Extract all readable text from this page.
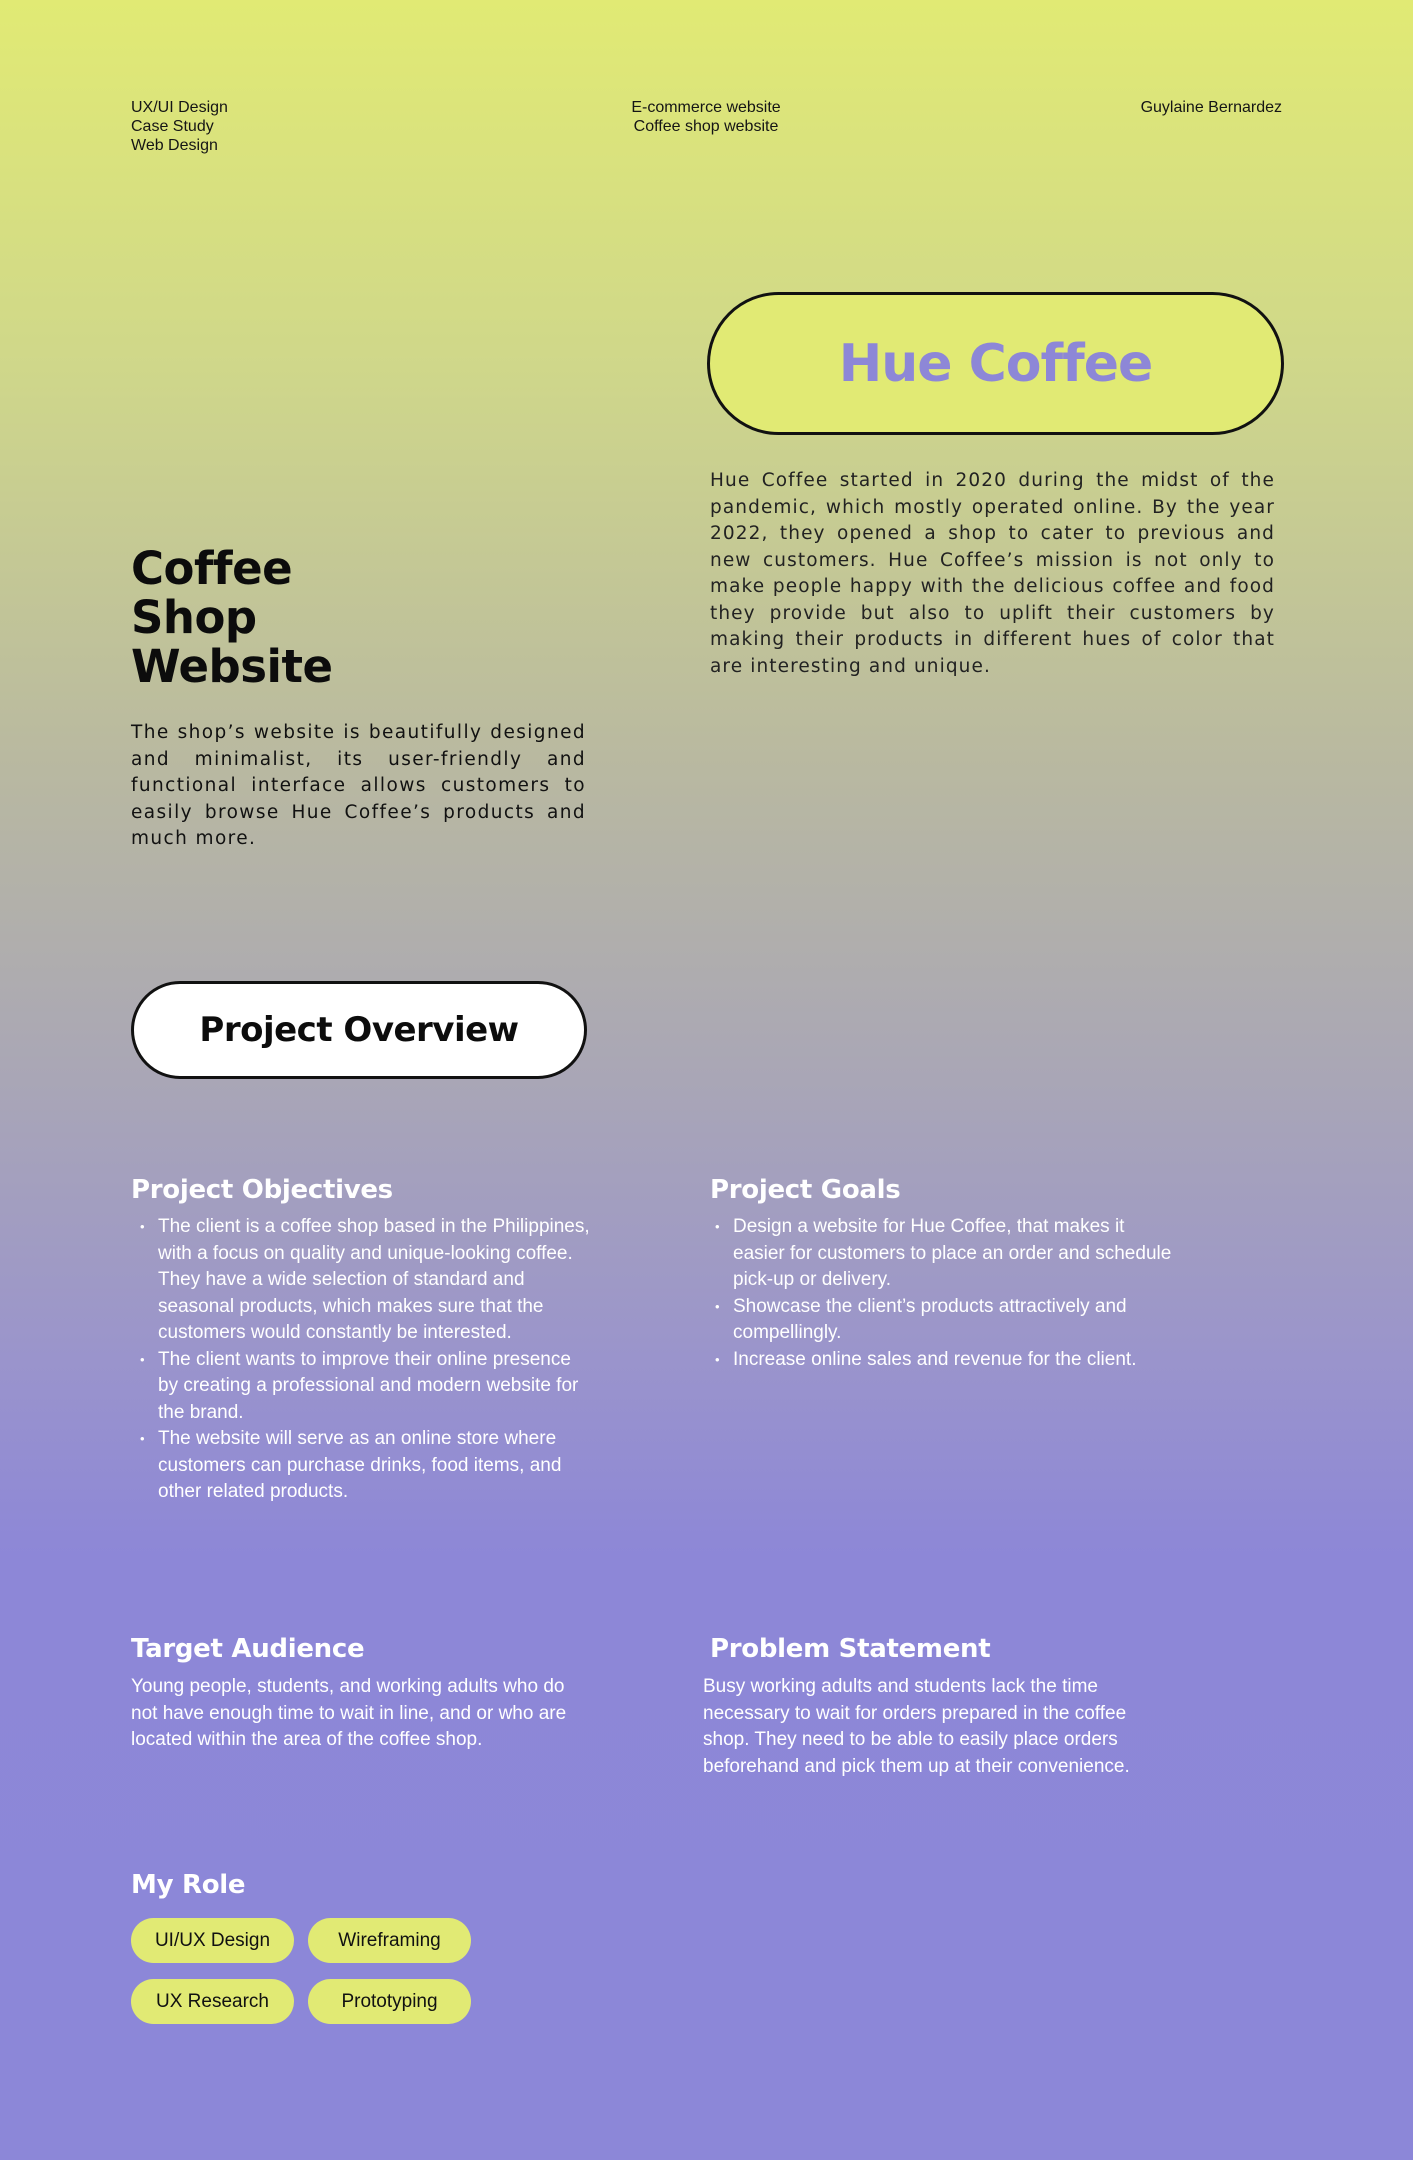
UX/UI Design
Case Study
Web Design
E-commerce website
Coffee shop website
Guylaine Bernardez
Hue Coffee

Hue Coffee started in 2020 during the midst of the pandemic, which mostly operated online. By the year 2022, they opened a shop to cater to previous and new customers. Hue Coffee’s mission is not only to make people happy with the delicious coffee and food they provide but also to uplift their customers by making their products in different hues of color that are interesting and unique.

Coffee
Shop
Website

The shop’s website is beautifully designed and minimalist, its user-friendly and functional interface allows customers to easily browse Hue Coffee’s products and much more.

Project Overview
Project Objectives
• The client is a coffee shop based in the Philippines, with a focus on quality and unique-looking coffee. They have a wide selection of standard and seasonal products, which makes sure that the customers would constantly be interested.
• The client wants to improve their online presence by creating a professional and modern website for the brand.
• The website will serve as an online store where customers can purchase drinks, food items, and other related products.
Project Goals
• Design a website for Hue Coffee, that makes it easier for customers to place an order and schedule pick-up or delivery.
• Showcase the client’s products attractively and compellingly.
• Increase online sales and revenue for the client.
Target Audience

Young people, students, and working adults who do not have enough time to wait in line, and or who are located within the area of the coffee shop.

Problem Statement

Busy working adults and students lack the time necessary to wait for orders prepared in the coffee shop. They need to be able to easily place orders beforehand and pick them up at their convenience.

My Role
UI/UX Design	Wireframing
UX Research	Prototyping
